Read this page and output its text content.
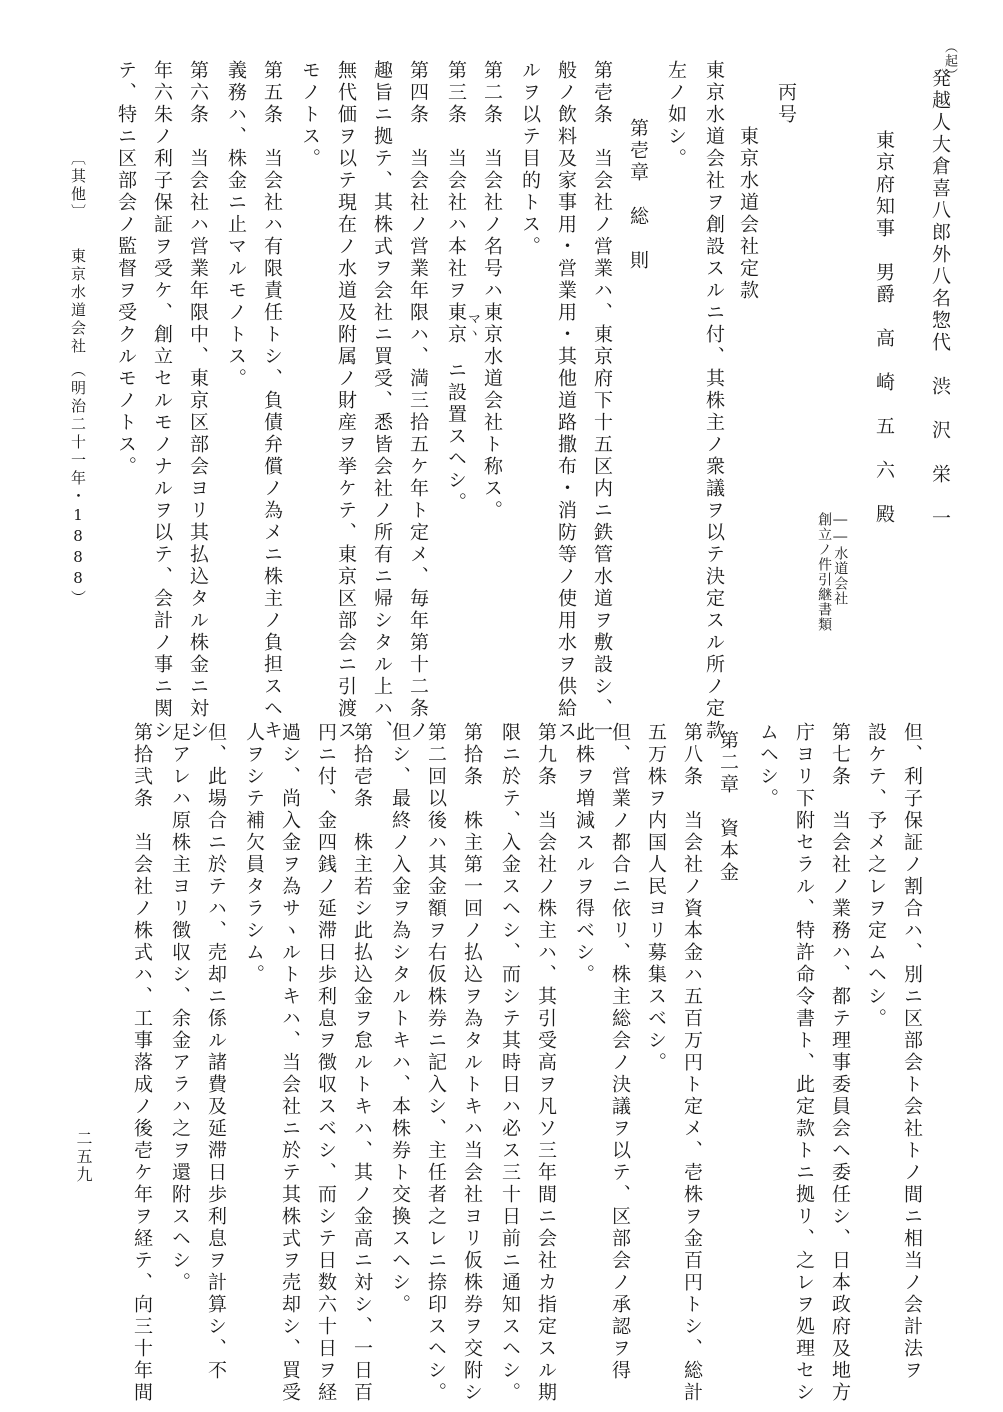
丙号
（起）
発越人大倉喜八郎外八名惣代　渋　沢　栄　一
東京府知事　男爵　高　崎　五　六　殿
――水道会社
創立ノ件引継書類
東京水道会社定款
東京水道会社ヲ創設スルニ付、其株主ノ衆議ヲ以テ決定スル所ノ定款
左ノ如シ。
第壱章　総　則
第壱条　当会社ノ営業ハ、東京府下十五区内ニ鉄管水道ヲ敷設シ、一
般ノ飲料及家事用・営業用・其他道路撒布・消防等ノ使用水ヲ供給ス
ルヲ以テ目的トス。
第二条　当会社ノ名号ハ東京水道会社ト称ス。
第三条　当会社ハ本社ヲ東京
マヽ
ニ設置スヘシ。
第四条　当会社ノ営業年限ハ、満三拾五ケ年ト定メ、毎年第十二条ノ
趣旨ニ拠テ、其株式ヲ会社ニ買受、悉皆会社ノ所有ニ帰シタル上ハ、
無代価ヲ以テ現在ノ水道及附属ノ財産ヲ挙ケテ、東京区部会ニ引渡ス
モノトス。
第五条　当会社ハ有限責任トシ、負債弁償ノ為メニ株主ノ負担スヘキ
義務ハ、株金ニ止マルモノトス。
第六条　当会社ハ営業年限中、東京区部会ヨリ其払込タル株金ニ対シ
年六朱ノ利子保証ヲ受ケ、創立セルモノナルヲ以テ、会計ノ事ニ関シ
テ、特ニ区部会ノ監督ヲ受クルモノトス。
〔其他〕
東京水道会社
（明治二十一年・1888）
但、利子保証ノ割合ハ、別ニ区部会ト会社トノ間ニ相当ノ会計法ヲ
設ケテ、予メ之レヲ定ムヘシ。
第七条　当会社ノ業務ハ、都テ理事委員会ヘ委任シ、日本政府及地方
庁ヨリ下附セラル、特許命令書ト、此定款トニ拠リ、之レヲ処理セシ
ムヘシ。
第二章　資本金
第八条　当会社ノ資本金ハ五百万円ト定メ、壱株ヲ金百円トシ、総計
五万株ヲ内国人民ヨリ募集スベシ。
但、営業ノ都合ニ依リ、株主総会ノ決議ヲ以テ、区部会ノ承認ヲ得
此株ヲ増減スルヲ得ベシ。
第九条　当会社ノ株主ハ、其引受高ヲ凡ソ三年間ニ会社カ指定スル期
限ニ於テ、入金スヘシ、而シテ其時日ハ必ス三十日前ニ通知スヘシ。
第拾条　株主第一回ノ払込ヲ為タルトキハ当会社ヨリ仮株券ヲ交附シ
第二回以後ハ其金額ヲ右仮株券ニ記入シ、主任者之レニ捺印スヘシ。
但シ、最終ノ入金ヲ為シタルトキハ、本株券ト交換スヘシ。
第拾壱条　株主若シ此払込金ヲ怠ルトキハ、其ノ金高ニ対シ、一日百
円ニ付、金四銭ノ延滞日歩利息ヲ徴収スベシ、而シテ日数六十日ヲ経
過シ、尚入金ヲ為サヽルトキハ、当会社ニ於テ其株式ヲ売却シ、買受
人ヲシテ補欠員タラシム。
但、此場合ニ於テハ、売却ニ係ル諸費及延滞日歩利息ヲ計算シ、不
足アレハ原株主ヨリ徴収シ、余金アラハ之ヲ還附スヘシ。
第拾弐条　当会社ノ株式ハ、工事落成ノ後壱ケ年ヲ経テ、向三十年間
二五九
